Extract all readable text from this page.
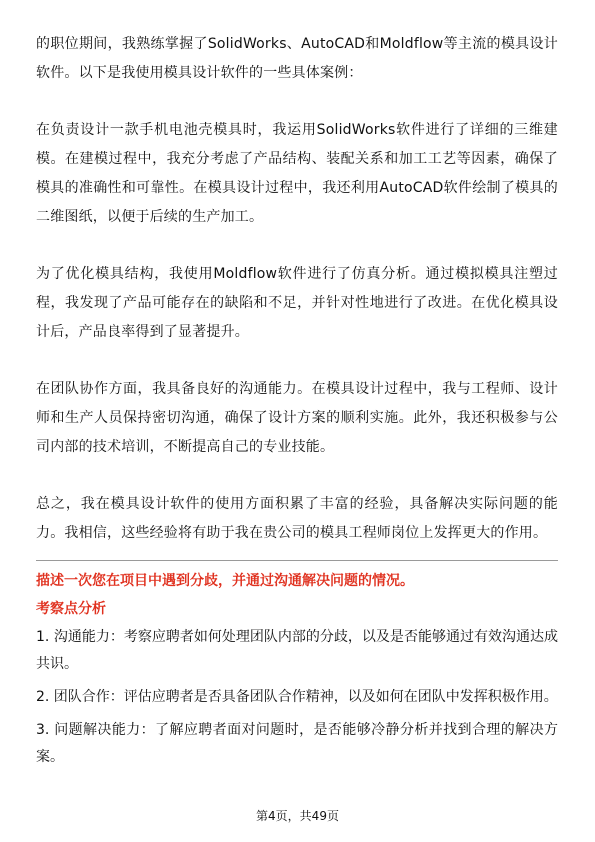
的职位期间，我熟练掌握了SolidWorks、AutoCAD和Moldflow等主流的模具设计软件。以下是我使用模具设计软件的一些具体案例：

在负责设计一款手机电池壳模具时，我运用SolidWorks软件进行了详细的三维建模。在建模过程中，我充分考虑了产品结构、装配关系和加工工艺等因素，确保了模具的准确性和可靠性。在模具设计过程中，我还利用AutoCAD软件绘制了模具的二维图纸，以便于后续的生产加工。

为了优化模具结构，我使用Moldflow软件进行了仿真分析。通过模拟模具注塑过程，我发现了产品可能存在的缺陷和不足，并针对性地进行了改进。在优化模具设计后，产品良率得到了显著提升。

在团队协作方面，我具备良好的沟通能力。在模具设计过程中，我与工程师、设计师和生产人员保持密切沟通，确保了设计方案的顺利实施。此外，我还积极参与公司内部的技术培训，不断提高自己的专业技能。

总之，我在模具设计软件的使用方面积累了丰富的经验，具备解决实际问题的能力。我相信，这些经验将有助于我在贵公司的模具工程师岗位上发挥更大的作用。

描述一次您在项目中遇到分歧，并通过沟通解决问题的情况。

考察点分析

1. 沟通能力：考察应聘者如何处理团队内部的分歧，以及是否能够通过有效沟通达成共识。
2. 团队合作：评估应聘者是否具备团队合作精神，以及如何在团队中发挥积极作用。
3. 问题解决能力：了解应聘者面对问题时，是否能够冷静分析并找到合理的解决方案。
第4页，共49页
